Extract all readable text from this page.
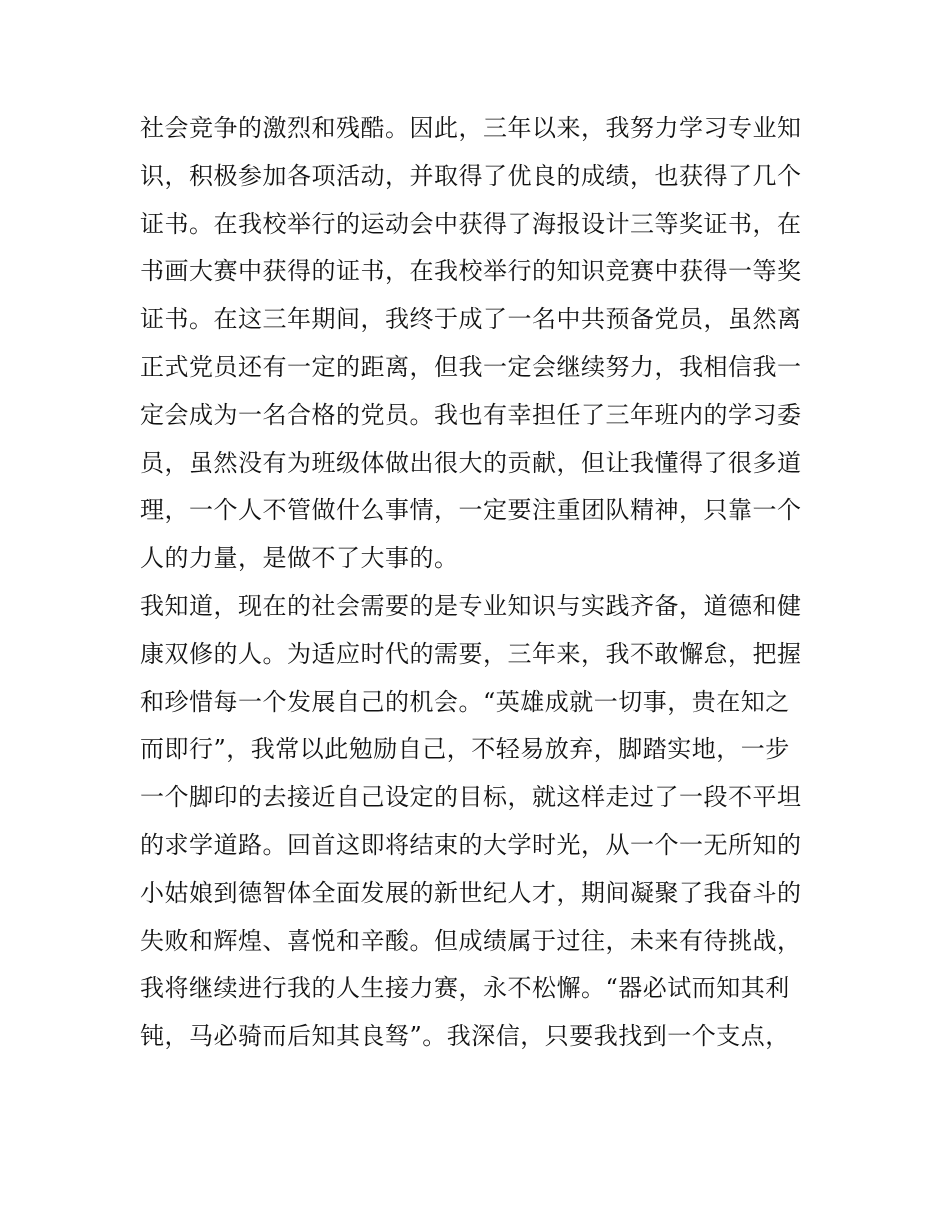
社会竞争的激烈和残酷。因此，三年以来，我努力学习专业知
识，积极参加各项活动，并取得了优良的成绩，也获得了几个
证书。在我校举行的运动会中获得了海报设计三等奖证书，在
书画大赛中获得的证书，在我校举行的知识竞赛中获得一等奖
证书。在这三年期间，我终于成了一名中共预备党员，虽然离
正式党员还有一定的距离，但我一定会继续努力，我相信我一
定会成为一名合格的党员。我也有幸担任了三年班内的学习委
员，虽然没有为班级体做出很大的贡献，但让我懂得了很多道
理，一个人不管做什么事情，一定要注重团队精神，只靠一个
人的力量，是做不了大事的。
我知道，现在的社会需要的是专业知识与实践齐备，道德和健
康双修的人。为适应时代的需要，三年来，我不敢懈怠，把握
和珍惜每一个发展自己的机会。“英雄成就一切事，贵在知之
而即行”，我常以此勉励自己，不轻易放弃，脚踏实地，一步
一个脚印的去接近自己设定的目标，就这样走过了一段不平坦
的求学道路。回首这即将结束的大学时光，从一个一无所知的
小姑娘到德智体全面发展的新世纪人才，期间凝聚了我奋斗的
失败和辉煌、喜悦和辛酸。但成绩属于过往，未来有待挑战，
我将继续进行我的人生接力赛，永不松懈。“器必试而知其利
钝，马必骑而后知其良驽”。我深信，只要我找到一个支点，
